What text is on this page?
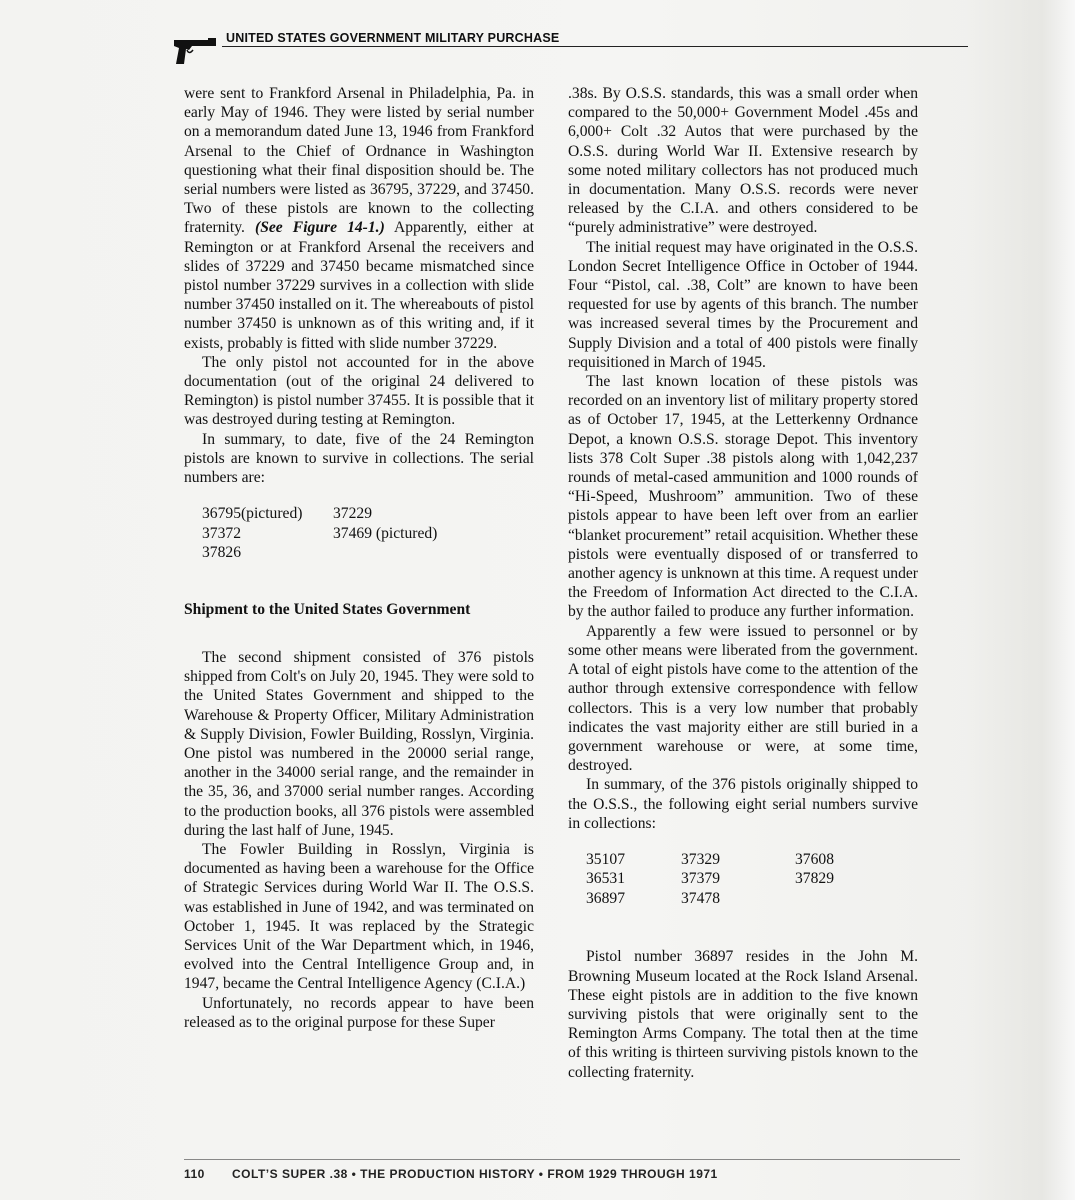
UNITED STATES GOVERNMENT MILITARY PURCHASE

were sent to Frankford Arsenal in Philadelphia, Pa. in early May of 1946. They were listed by serial number on a memorandum dated June 13, 1946 from Frankford Arsenal to the Chief of Ordnance in Washington questioning what their final disposition should be. The serial numbers were listed as 36795, 37229, and 37450. Two of these pistols are known to the collecting fraternity. (See Figure 14-1.) Apparently, either at Remington or at Frankford Arsenal the receivers and slides of 37229 and 37450 became mismatched since pistol number 37229 survives in a collection with slide number 37450 installed on it. The whereabouts of pistol number 37450 is unknown as of this writing and, if it exists, probably is fitted with slide number 37229.

The only pistol not accounted for in the above documentation (out of the original 24 delivered to Remington) is pistol number 37455. It is possible that it was destroyed during testing at Remington.

In summary, to date, five of the 24 Remington pistols are known to survive in collections. The serial numbers are:

36795(pictured)	37229
37372	37469 (pictured)
37826	
Shipment to the United States Government

The second shipment consisted of 376 pistols shipped from Colt's on July 20, 1945. They were sold to the United States Government and shipped to the Warehouse & Property Officer, Military Administration & Supply Division, Fowler Building, Rosslyn, Virginia. One pistol was numbered in the 20000 serial range, another in the 34000 serial range, and the remainder in the 35, 36, and 37000 serial number ranges. According to the production books, all 376 pistols were assembled during the last half of June, 1945.

The Fowler Building in Rosslyn, Virginia is documented as having been a warehouse for the Office of Strategic Services during World War II. The O.S.S. was established in June of 1942, and was terminated on October 1, 1945. It was replaced by the Strategic Services Unit of the War Department which, in 1946, evolved into the Central Intelligence Group and, in 1947, became the Central Intelligence Agency (C.I.A.)

Unfortunately, no records appear to have been released as to the original purpose for these Super

.38s. By O.S.S. standards, this was a small order when compared to the 50,000+ Government Model .45s and 6,000+ Colt .32 Autos that were purchased by the O.S.S. during World War II. Extensive research by some noted military collectors has not produced much in documentation. Many O.S.S. records were never released by the C.I.A. and others considered to be “purely administrative” were destroyed.

The initial request may have originated in the O.S.S. London Secret Intelligence Office in October of 1944. Four “Pistol, cal. .38, Colt” are known to have been requested for use by agents of this branch. The number was increased several times by the Procurement and Supply Division and a total of 400 pistols were finally requisitioned in March of 1945.

The last known location of these pistols was recorded on an inventory list of military property stored as of October 17, 1945, at the Letterkenny Ordnance Depot, a known O.S.S. storage Depot. This inventory lists 378 Colt Super .38 pistols along with 1,042,237 rounds of metal-cased ammunition and 1000 rounds of “Hi-Speed, Mushroom” ammunition. Two of these pistols appear to have been left over from an earlier “blanket procurement” retail acquisition. Whether these pistols were eventually disposed of or transferred to another agency is unknown at this time. A request under the Freedom of Information Act directed to the C.I.A. by the author failed to produce any further information.

Apparently a few were issued to personnel or by some other means were liberated from the government. A total of eight pistols have come to the attention of the author through extensive correspondence with fellow collectors. This is a very low number that probably indicates the vast majority either are still buried in a government warehouse or were, at some time, destroyed.

In summary, of the 376 pistols originally shipped to the O.S.S., the following eight serial numbers survive in collections:

35107	37329	37608
36531	37379	37829
36897	37478	

Pistol number 36897 resides in the John M. Browning Museum located at the Rock Island Arsenal. These eight pistols are in addition to the five known surviving pistols that were originally sent to the Remington Arms Company. The total then at the time of this writing is thirteen surviving pistols known to the collecting fraternity.

110 COLT’S SUPER .38 • THE PRODUCTION HISTORY • FROM 1929 THROUGH 1971
